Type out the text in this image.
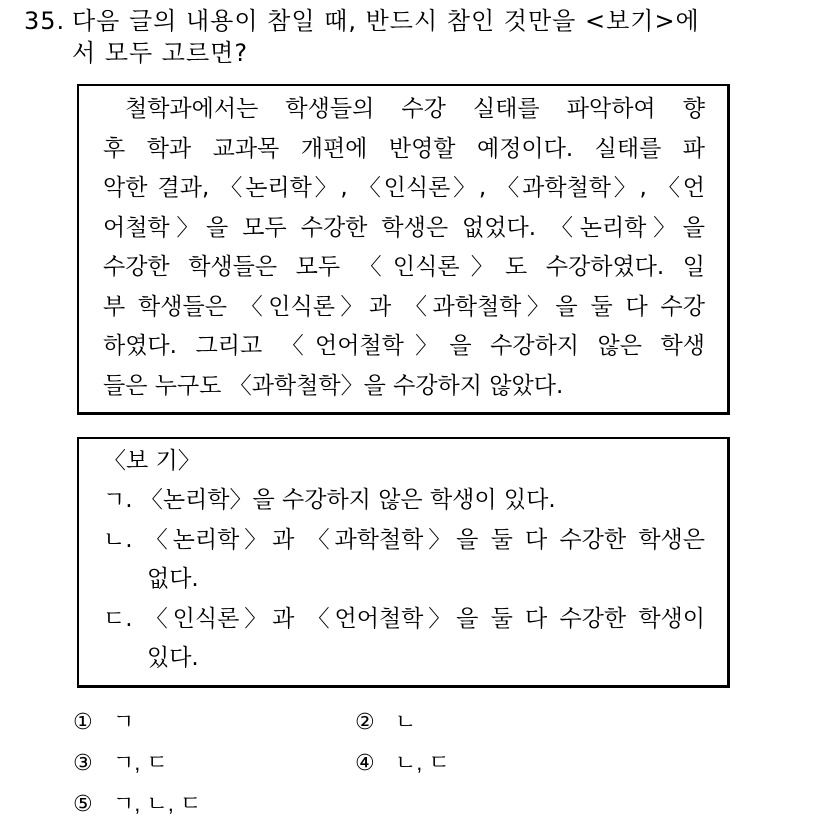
35. 다음 글의 내용이 참일 때, 반드시 참인 것만을 <보기>에
서 모두 고르면?
철학과에서는 학생들의 수강 실태를 파악하여 향
후 학과 교과목 개편에 반영할 예정이다. 실태를 파
악한 결과, 〈논리학〉, 〈인식론〉, 〈과학철학〉, 〈언
어철학〉을 모두 수강한 학생은 없었다. 〈논리학〉을
수강한 학생들은 모두 〈인식론〉도 수강하였다. 일
부 학생들은 〈인식론〉과 〈과학철학〉을 둘 다 수강
하였다. 그리고 〈언어철학〉을 수강하지 않은 학생
들은 누구도 〈과학철학〉을 수강하지 않았다.
〈보 기〉
ㄱ. 〈논리학〉을 수강하지 않은 학생이 있다.
ㄴ. 〈논리학〉과 〈과학철학〉을 둘 다 수강한 학생은
없다.
ㄷ. 〈인식론〉과 〈언어철학〉을 둘 다 수강한 학생이
있다.
① ㄱ	② ㄴ
③ ㄱ, ㄷ	④ ㄴ, ㄷ
⑤ ㄱ, ㄴ, ㄷ
